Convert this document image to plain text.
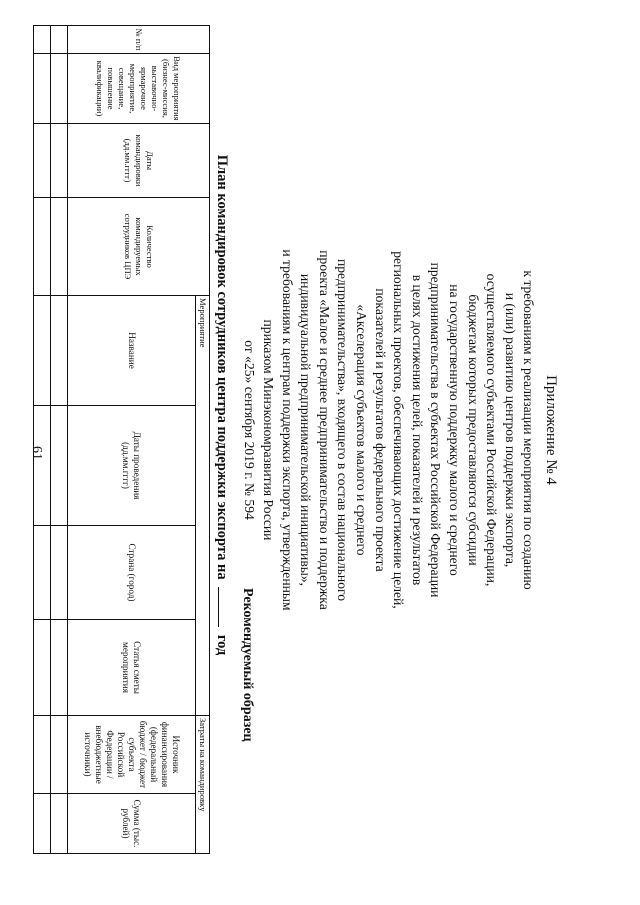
61	Приложение № 4
к требованиям к реализации мероприятия по созданию
и (или) развитию центров поддержки экспорта,
осуществляемого субъектами Российской Федерации,
бюджетам которых предоставляются субсидии
на государственную поддержку малого и среднего
предпринимательства в субъектах Российской Федерации
в целях достижения целей, показателей и результатов
региональных проектов, обеспечивающих достижение целей,
показателей и результатов федерального проекта
«Акселерация субъектов малого и среднего
предпринимательства», входящего в состав национального
проекта «Малое и среднее предпринимательство и поддержка
индивидуальной предпринимательской инициативы»,
и требованиям к центрам поддержки экспорта, утвержденным
приказом Минэкономразвития России
от «25» сентября 2019 г. № 594
Рекомендуемый образец
План командировок сотрудников центра поддержки экспорта на  год
№ п/п	Вид мероприятия (бизнес-миссия, выставочно-ярмарочное мероприятие, совещание, повышение квалификации)	Даты командировки (дд.мм.гггг)	Количество командируемых сотрудников ЦПЭ	Мероприятие				Затраты на командировку	
				Название	Даты проведения (дд.мм.гггг)	Страна (город)	Статья сметы мероприятия	Источник финансирования (федеральный бюджет / бюджет субъекта Российской Федерации / внебюджетные источники)	Сумма (тыс. рублей)
